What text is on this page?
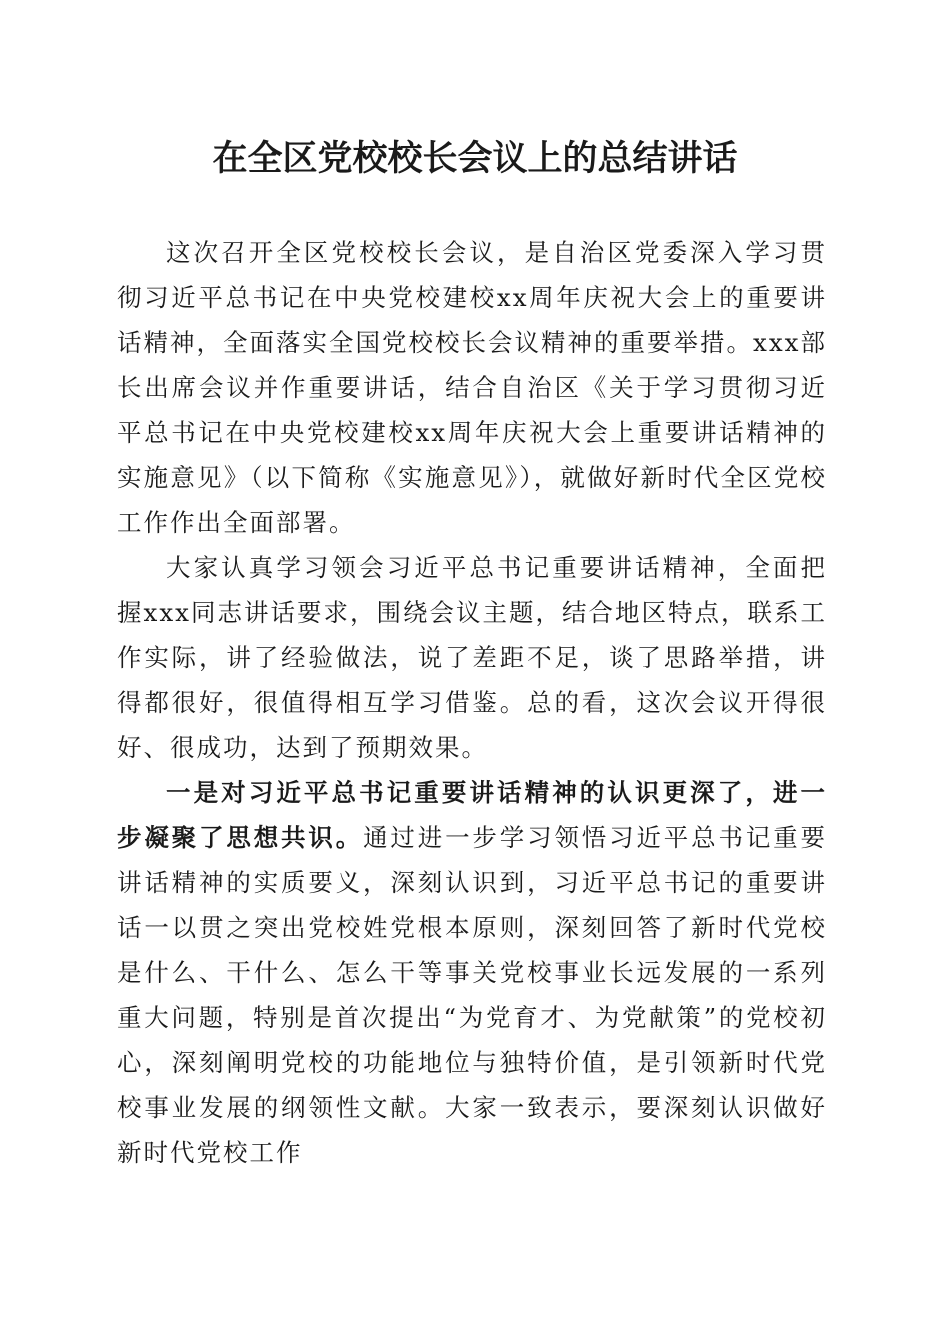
在全区党校校长会议上的总结讲话

这次召开全区党校校长会议，是自治区党委深入学习贯彻习近平总书记在中央党校建校xx周年庆祝大会上的重要讲话精神，全面落实全国党校校长会议精神的重要举措。xxx部长出席会议并作重要讲话，结合自治区《关于学习贯彻习近平总书记在中央党校建校xx周年庆祝大会上重要讲话精神的实施意见》（以下简称《实施意见》），就做好新时代全区党校工作作出全面部署。

大家认真学习领会习近平总书记重要讲话精神，全面把握xxx同志讲话要求，围绕会议主题，结合地区特点，联系工作实际，讲了经验做法，说了差距不足，谈了思路举措，讲得都很好，很值得相互学习借鉴。总的看，这次会议开得很好、很成功，达到了预期效果。

一是对习近平总书记重要讲话精神的认识更深了，进一步凝聚了思想共识。通过进一步学习领悟习近平总书记重要讲话精神的实质要义，深刻认识到，习近平总书记的重要讲话一以贯之突出党校姓党根本原则，深刻回答了新时代党校是什么、干什么、怎么干等事关党校事业长远发展的一系列重大问题，特别是首次提出“为党育才、为党献策”的党校初心，深刻阐明党校的功能地位与独特价值，是引领新时代党校事业发展的纲领性文献。大家一致表示，要深刻认识做好新时代党校工作
